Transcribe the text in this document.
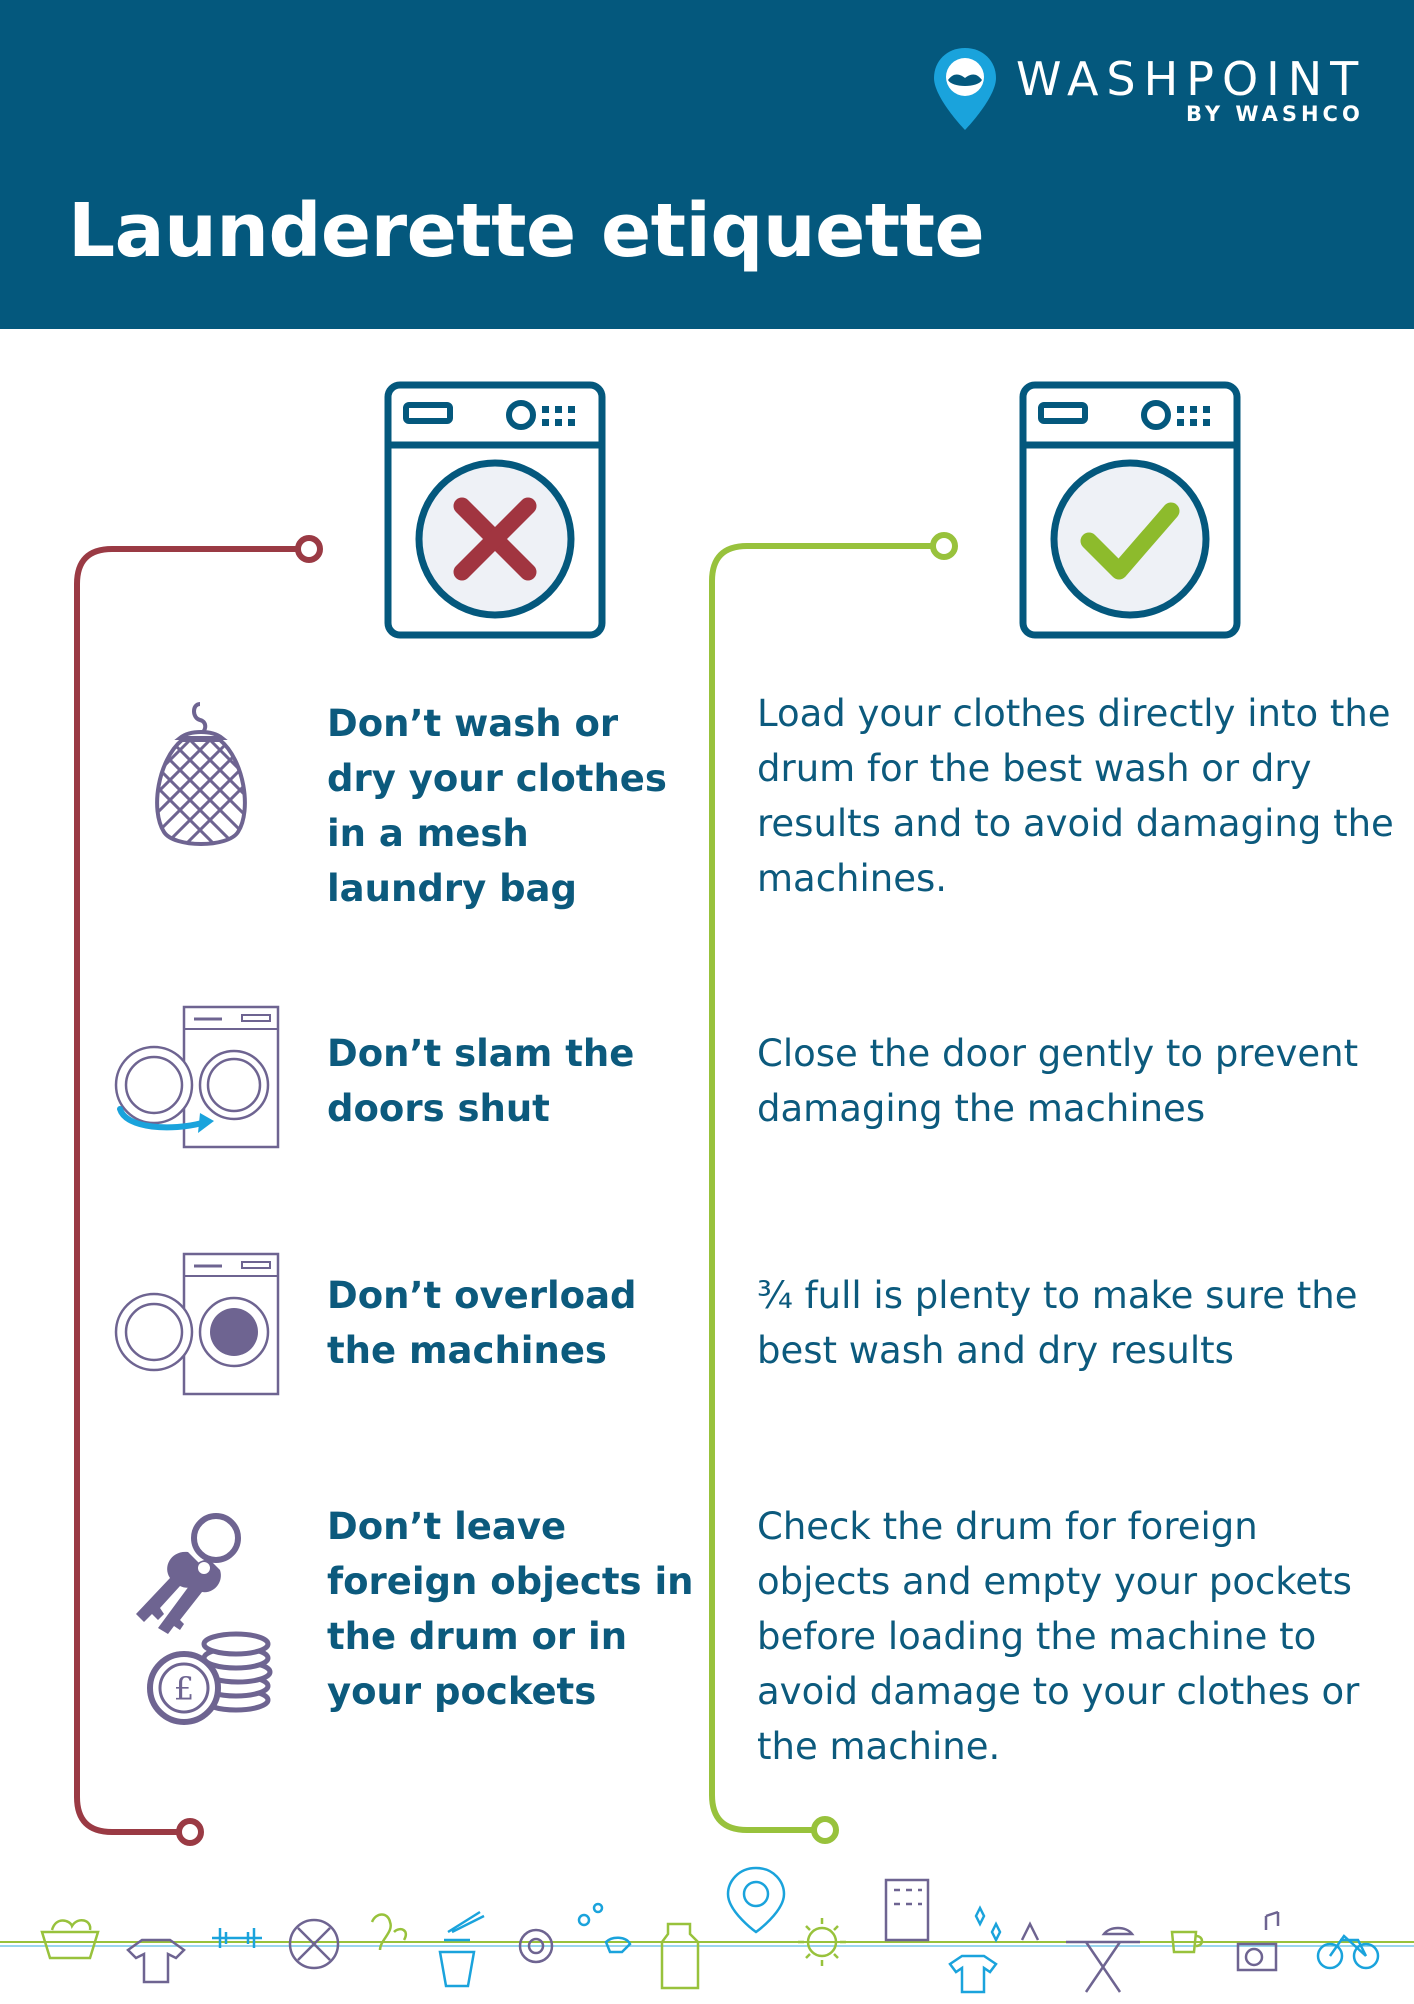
WASHPOINT
BY WASHCO
Launderette etiquette

Don’t wash or dry your clothes in a mesh laundry bag

Load your clothes directly into the drum for the best wash or dry results and to avoid damaging the machines.

Don’t slam the doors shut

Close the door gently to prevent damaging the machines

Don’t overload the machines

¾ full is plenty to make sure the best wash and dry results

£

Don’t leave foreign objects in the drum or in your pockets

Check the drum for foreign objects and empty your pockets before loading the machine to avoid damage to your clothes or the machine.
